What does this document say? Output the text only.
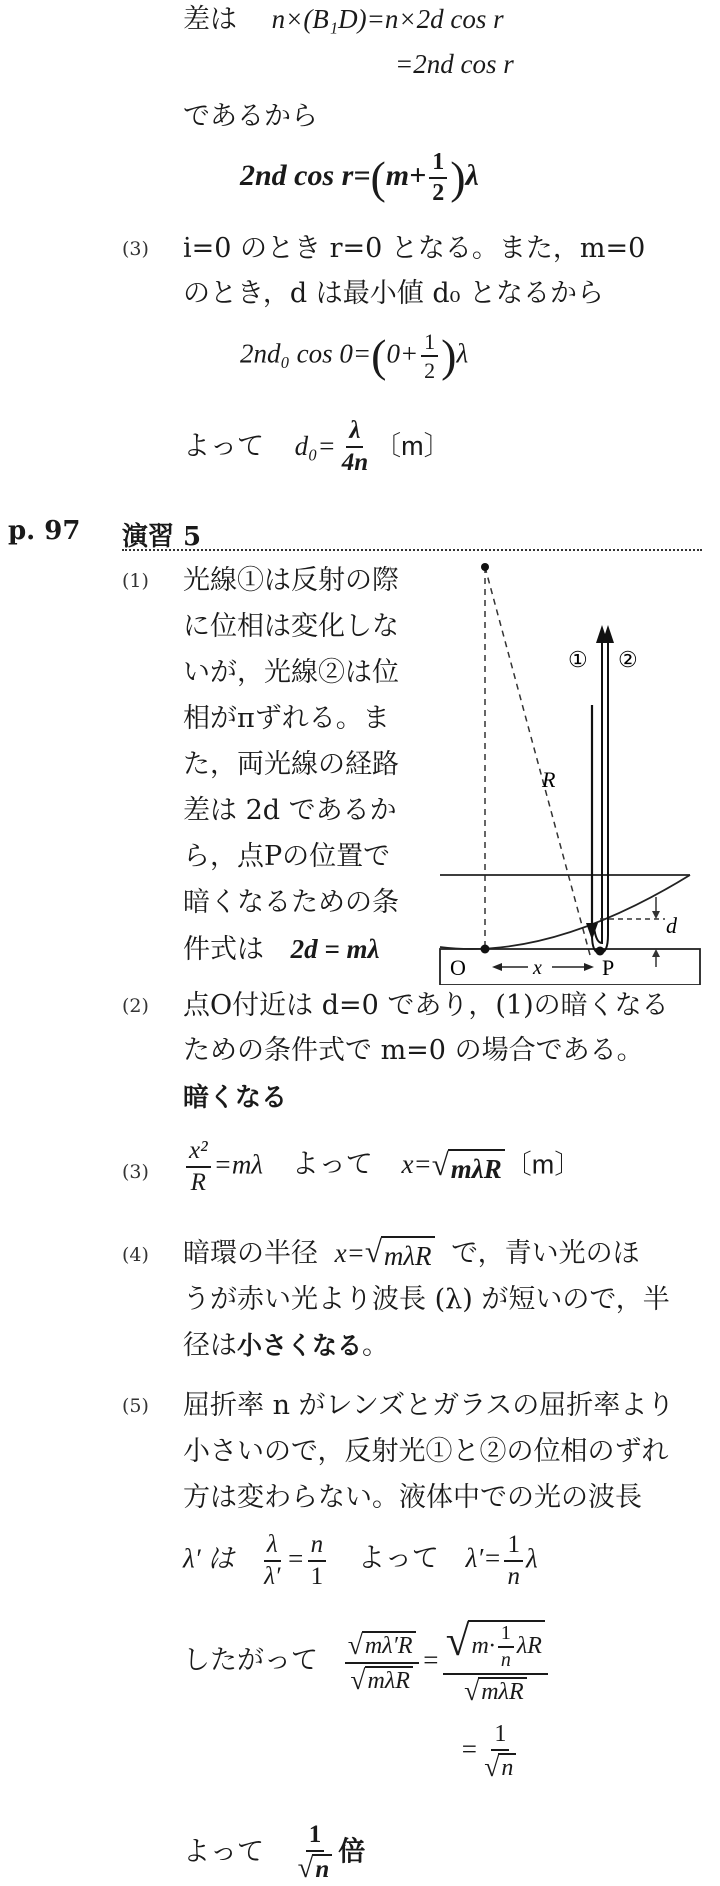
差は n×(B₁D)=n×2d cos r
=2nd cos r
であるから
2nd $\cos r=(m+ \frac{1}{2} )\lambda$
(3) i=0 のとき r=0 となる。また，m=0
のとき，d は最小値 d₀ となるから
2nd₀ $\cos 0=(0+ \frac{1}{2} )\lambda$
よって $d_0= \frac{\lambda}{4n}$ 〔m〕
p. 97 演習 5
(1) 光線①は反射の際
に位相は変化しな
いが，光線②は位
相がπずれる。ま
た，両光線の経路
差は 2d であるか
ら，点Pの位置で
暗くなるための条
件式は 2d = mλ
① ②
R
d
O	x	P
(2) 点O付近は d=0 であり，(1)の暗くなる
ための条件式で m=0 の場合である。
暗くなる
$(3) \frac{\text{x²}}{R} =m\lambda$ よって x= √ mλR 〔m〕
(4) 暗環の半径 x= √ mλR で，青い光のほ
うが赤い光より波長 (λ) が短いので，半
径は小さくなる。
(5) 屈折率 n がレンズとガラスの屈折率より
小さいので，反射光①と②の位相のずれ
方は変わらない。液体中での光の波長
λ′ は $\frac{\lambda}{\lambda'} = \frac{n}{1}$ よって $\lambda'= \frac{1}{n}$ λ
したがって $\frac{√ m\lambda'R}{\text{√ mλR}} = \frac{√ m\cdot \frac{1}{n} \lambda R}{\text{√ mλR}}$
= $\frac{1}{√ n}$
よって $\frac{1}{√ n}$ 倍
